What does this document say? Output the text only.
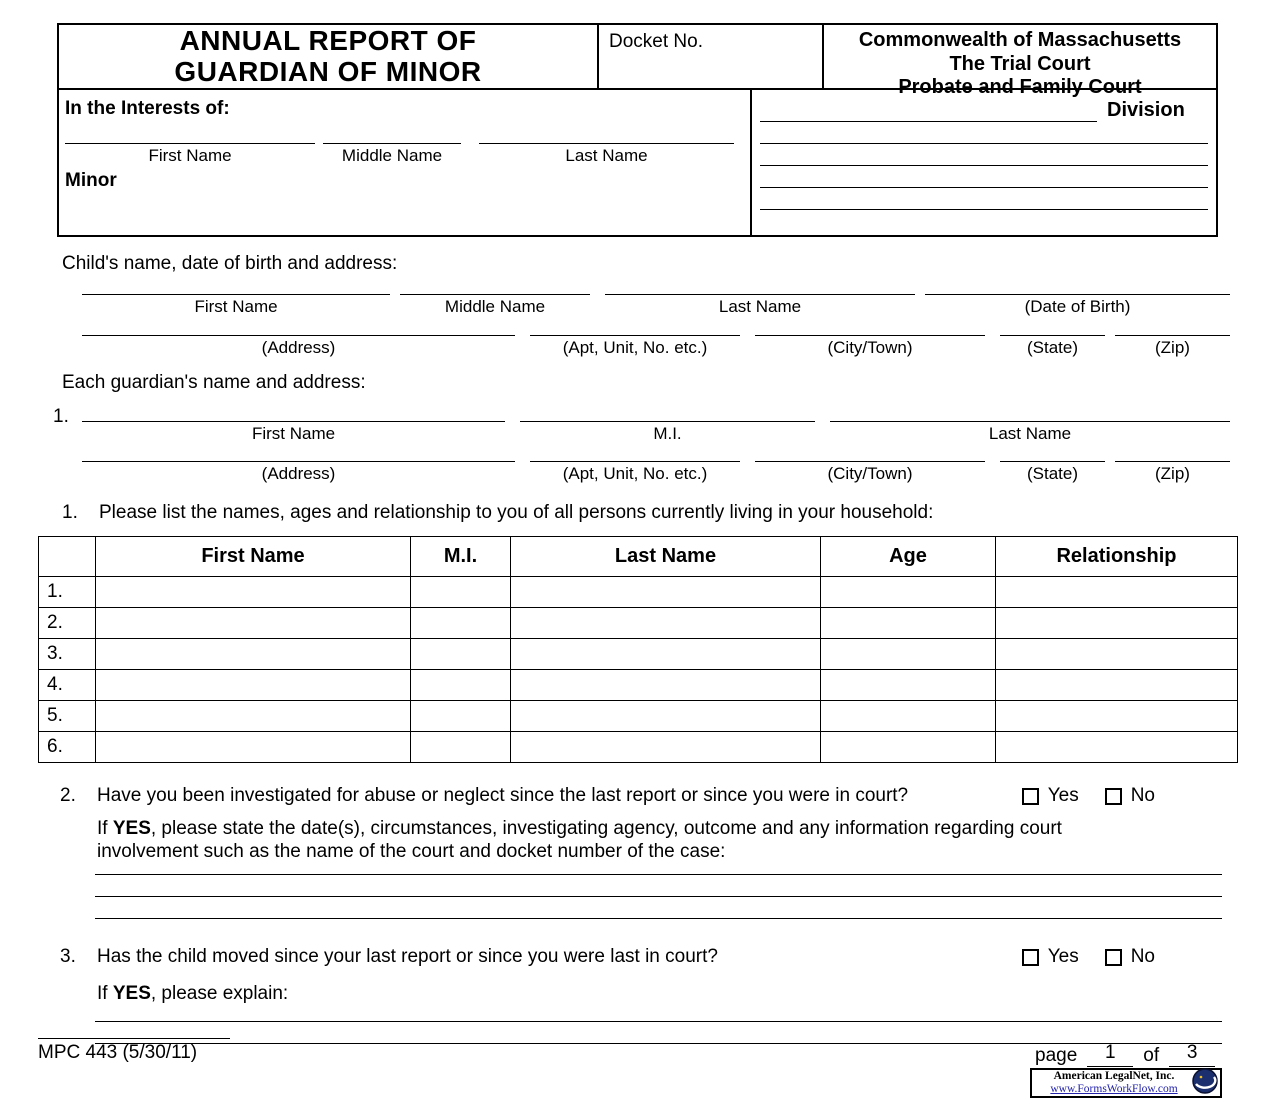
ANNUAL REPORT OF
GUARDIAN OF MINOR
Docket No.	Commonwealth of Massachusetts
The Trial Court
Probate and Family Court
In the Interests of:
First Name	Middle Name	Last Name
Minor
Division
Child's name, date of birth and address:
First Name	Middle Name	Last Name	(Date of Birth)
(Address)	(Apt, Unit, No. etc.)	(City/Town)	(State)	(Zip)
Each guardian's name and address:
1.
First Name	M.I.	Last Name
(Address)	(Apt, Unit, No. etc.)	(City/Town)	(State)	(Zip)
1.	Please list the names, ages and relationship to you of all persons currently living in your household:
	First Name	M.I.	Last Name	Age	Relationship
1.					
2.					
3.					
4.					
5.					
6.					
2.	Have you been investigated for abuse or neglect since the last report or since you were in court?	Yes	No
If YES, please state the date(s), circumstances, investigating agency, outcome and any information regarding court involvement such as the name of the court and docket number of the case:
3.	Has the child moved since your last report or since you were last in court?	Yes	No
If YES, please explain:
MPC 443 (5/30/11)	page	1	of	3
American LegalNet, Inc.
www.FormsWorkFlow.com
